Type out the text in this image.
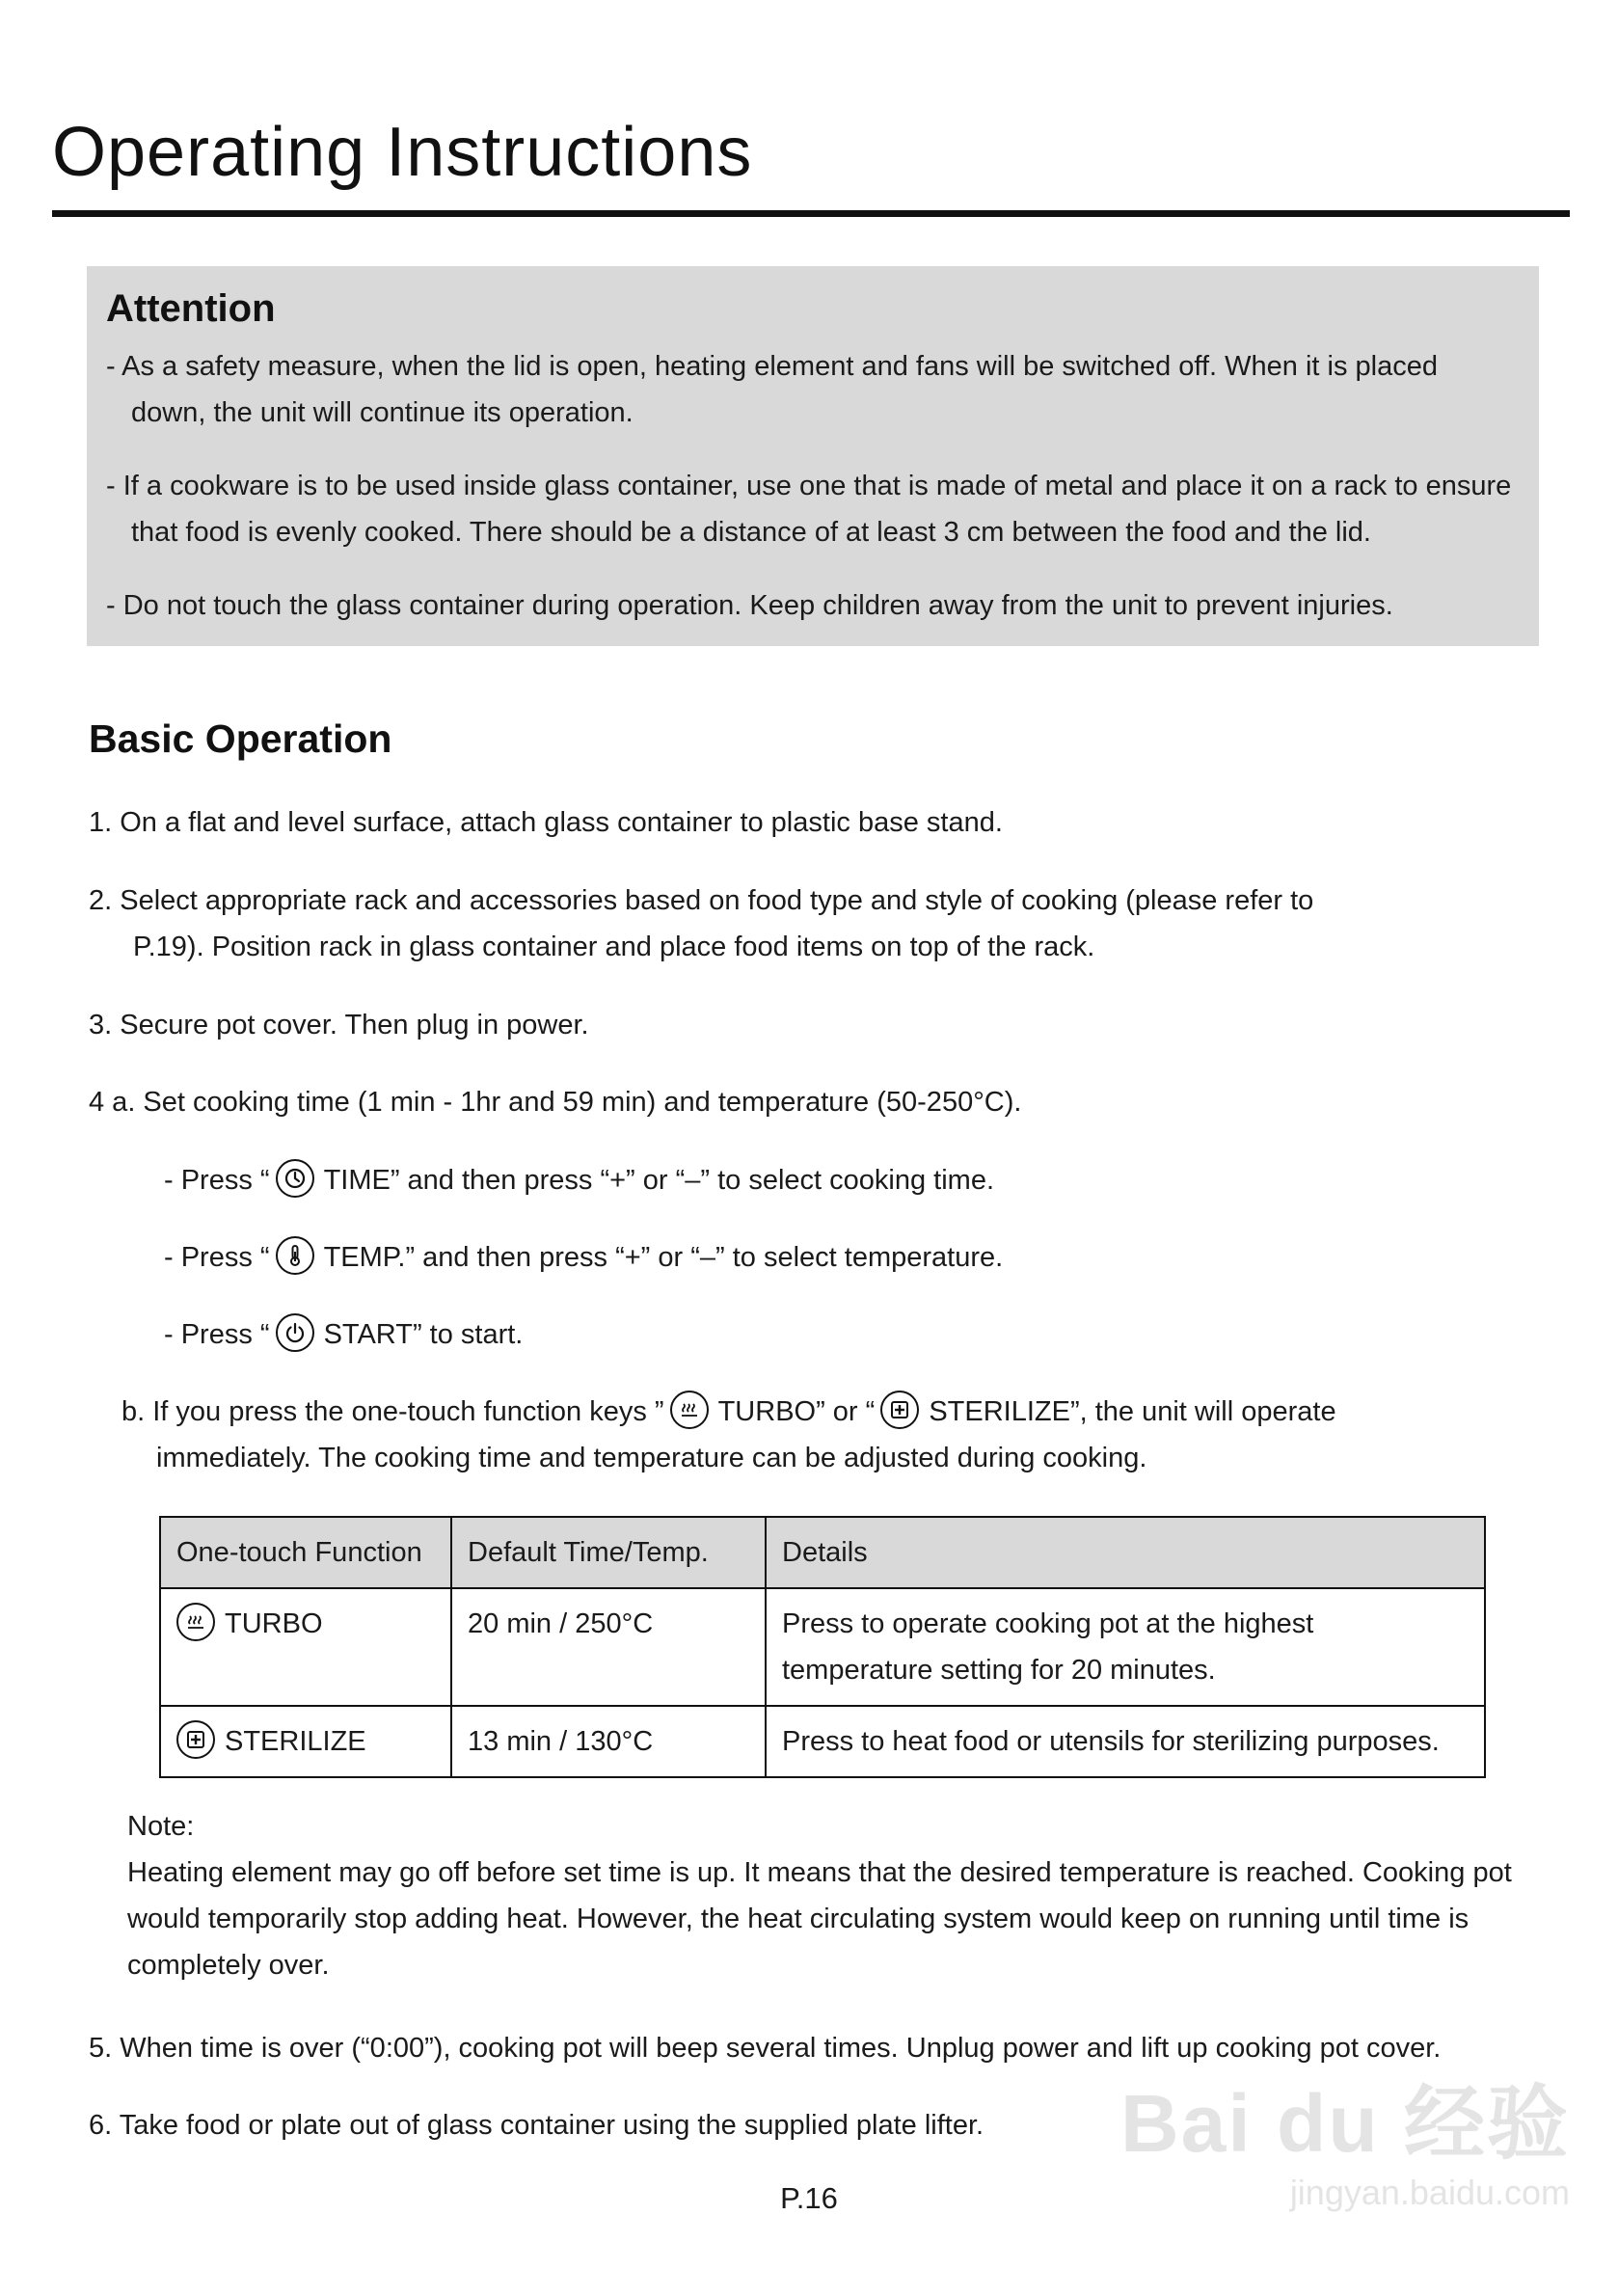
Operating Instructions
Attention

- As a safety measure, when the lid is open, heating element and fans will be switched off. When it is placed down, the unit will continue its operation.

- If a cookware is to be used inside glass container, use one that is made of metal and place it on a rack to ensure that food is evenly cooked. There should be a distance of at least 3 cm between the food and the lid.

- Do not touch the glass container during operation. Keep children away from the unit to prevent injuries.

Basic Operation
1. On a flat and level surface, attach glass container to plastic base stand.
2. Select appropriate rack and accessories based on food type and style of cooking (please refer to
P.19). Position rack in glass container and place food items on top of the rack.
3. Secure pot cover. Then plug in power.
4 a. Set cooking time (1 min - 1hr and 59 min) and temperature (50-250°C).
- Press “ TIME” and then press “+” or “–” to select cooking time.
- Press “ TEMP.” and then press “+” or “–” to select temperature.
- Press “ START” to start.
b. If you press the one-touch function keys ” TURBO” or “ STERILIZE”, the unit will operate
immediately. The cooking time and temperature can be adjusted during cooking.
One-touch Function	Default Time/Temp.	Details

TURBO	20 min / 250°C	Press to operate cooking pot at the highest temperature setting for 20 minutes.

STERILIZE	13 min / 130°C	Press to heat food or utensils for sterilizing purposes.
Note:
Heating element may go off before set time is up. It means that the desired temperature is reached. Cooking pot would temporarily stop adding heat. However, the heat circulating system would keep on running until time is completely over.
5. When time is over (“0:00”), cooking pot will beep several times. Unplug power and lift up cooking pot cover.
6. Take food or plate out of glass container using the supplied plate lifter.
P.16
Bai du 经验
jingyan.baidu.com
